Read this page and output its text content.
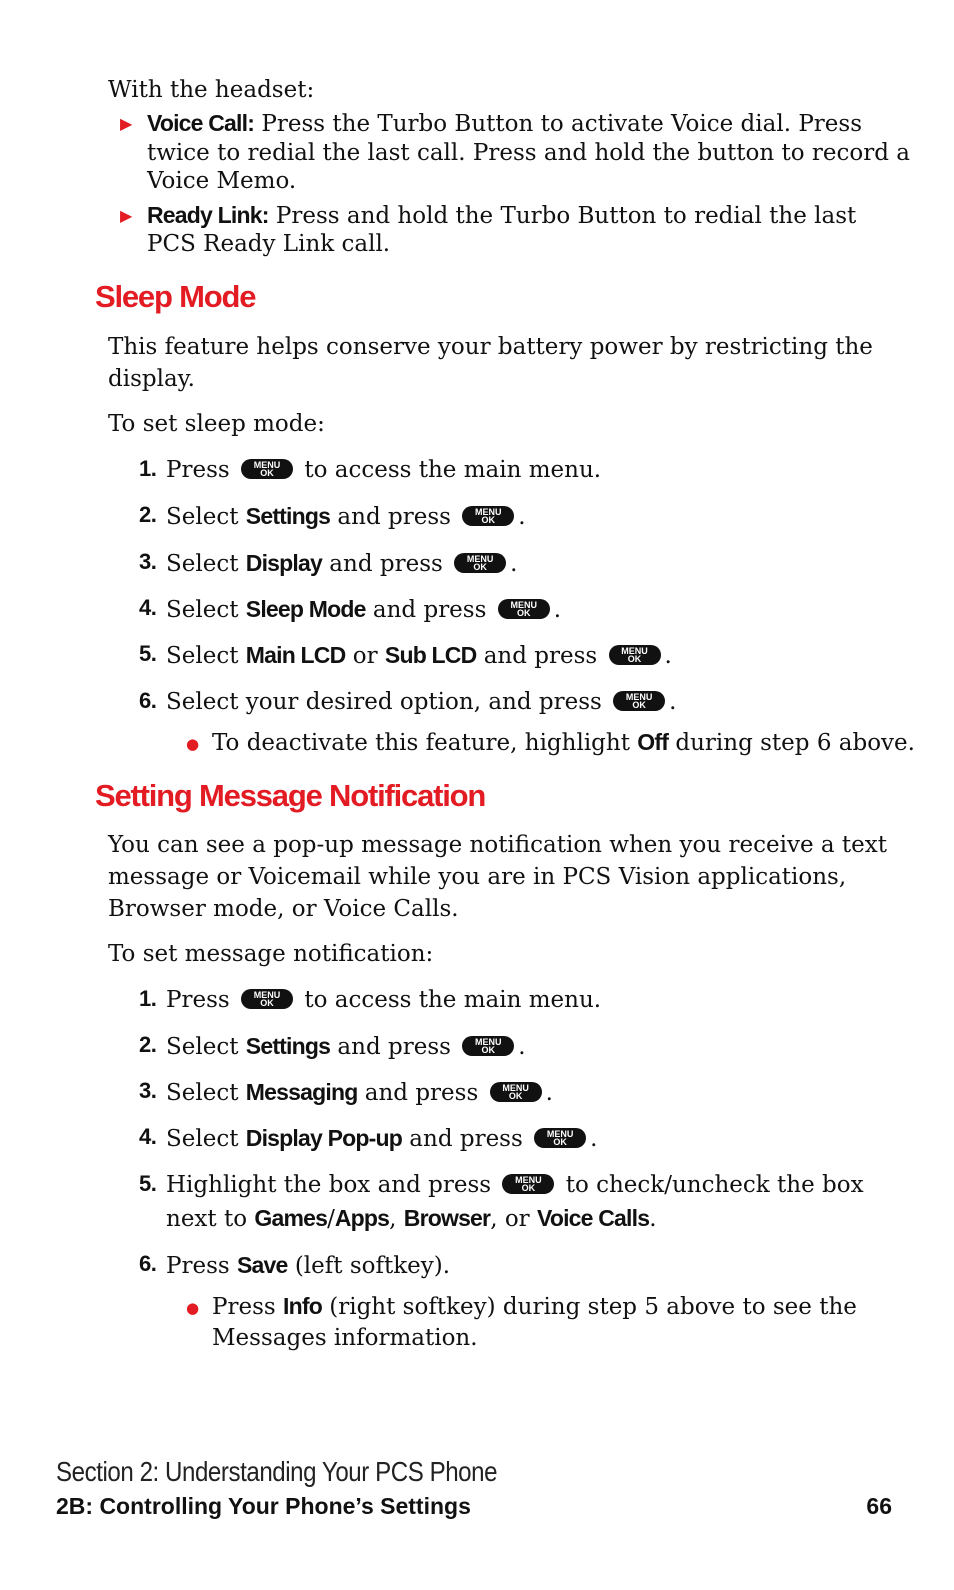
With the headset:
▶ Voice Call: Press the Turbo Button to activate Voice dial. Press
twice to redial the last call. Press and hold the button to record a
Voice Memo.
▶ Ready Link: Press and hold the Turbo Button to redial the last
PCS Ready Link call.
Sleep Mode
This feature helps conserve your battery power by restricting the
display.
To set sleep mode:
1. Press	MENU
OK	to access the main menu.
2. Select Settings and press	MENU
OK	.
3. Select Display and press	MENU
OK	.
4. Select Sleep Mode and press	MENU
OK	.
5. Select Main LCD or Sub LCD and press	MENU
OK	.
6. Select your desired option, and press	MENU
OK	.
● To deactivate this feature, highlight Off during step 6 above.
Setting Message Notification
You can see a pop-up message notification when you receive a text
message or Voicemail while you are in PCS Vision applications,
Browser mode, or Voice Calls.
To set message notification:
1. Press	MENU
OK	to access the main menu.
2. Select Settings and press	MENU
OK	.
3. Select Messaging and press	MENU
OK	.
4. Select Display Pop-up and press	MENU
OK	.
5. Highlight the box and press	MENU
OK	to check/uncheck the box
next to Games/Apps, Browser, or Voice Calls.
6. Press Save (left softkey).
● Press Info (right softkey) during step 5 above to see the
Messages information.
Section 2: Understanding Your PCS Phone
2B: Controlling Your Phone’s Settings	66
